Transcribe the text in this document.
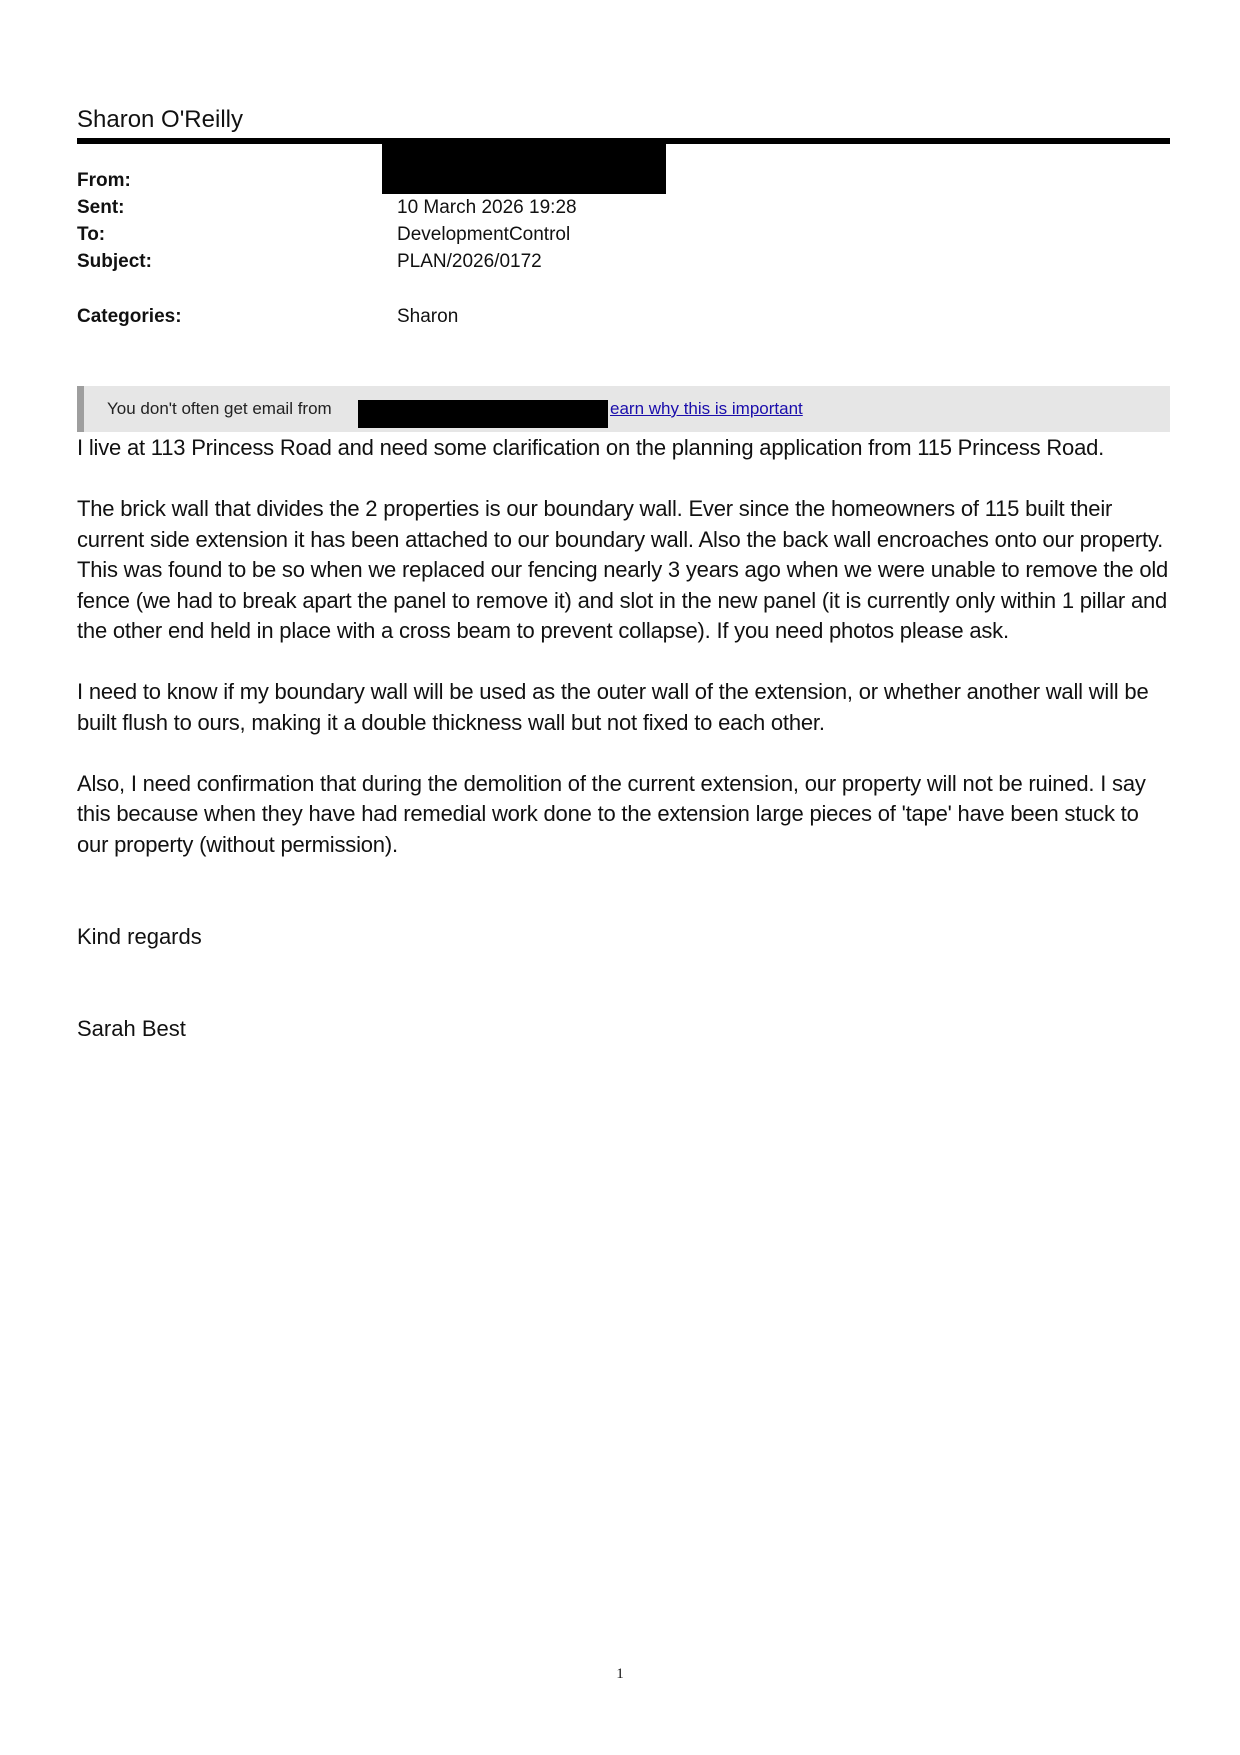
Sharon O'Reilly
From:
Sent:	10 March 2026 19:28
To:	DevelopmentControl
Subject:	PLAN/2026/0172
Categories:	Sharon
You don't often get email from	earn why this is important

I live at 113 Princess Road and need some clarification on the planning application from 115 Princess Road.

The brick wall that divides the 2 properties is our boundary wall. Ever since the homeowners of 115 built their current side extension it has been attached to our boundary wall. Also the back wall encroaches onto our property. This was found to be so when we replaced our fencing nearly 3 years ago when we were unable to remove the old fence (we had to break apart the panel to remove it) and slot in the new panel (it is currently only within 1 pillar and the other end held in place with a cross beam to prevent collapse). If you need photos please ask.

I need to know if my boundary wall will be used as the outer wall of the extension, or whether another wall will be built flush to ours, making it a double thickness wall but not fixed to each other.

Also, I need confirmation that during the demolition of the current extension, our property will not be ruined. I say this because when they have had remedial work done to the extension large pieces of 'tape' have been stuck to our property (without permission).

Kind regards
Sarah Best
1
